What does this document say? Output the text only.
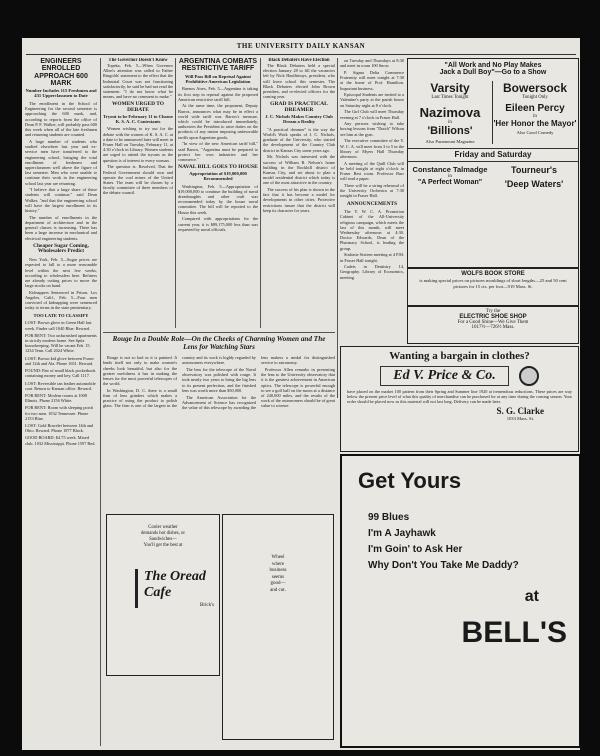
THE UNIVERSITY DAILY KANSAN
ENGINEERS ENROLLED APPROACH 600 MARK
Number Includes 115 Freshmen and 431 Upperclassmen to Date

The enrollment in the School of Engineering for the second semester is approaching the 600 mark, and, according to reports from the office of Dean P. F. Walker, will probably pass 600 this week when all of the late freshmen and returning students are counted.

A large number of students who studied elsewhere last year and ex-service men have transferred to the engineering school, bringing the total enrollment of freshmen and upperclassmen well above the figure of last semester. Men who were unable to continue their work in the engineering school last year are returning.

"I believe that a large share of these students will continue," said Dean Walker, "and that the engineering school will have the largest enrollment in its history."

The number of enrollments in the department of architecture and in the general classes is increasing. There has been a large increase in mechanical and electrical engineering students.

Cheaper Sugar Coming, Wholesalers Predict

New York, Feb. 5—Sugar prices are expected to fall to a more reasonable level within the next few weeks, according to wholesalers here. Refiners are already cutting prices to move the large stocks on hand.

Kidnappers Sentenced in Prison. Los Angeles, Calif., Feb. 5—Four men convicted of kidnapping were sentenced today to terms in the state penitentiary.

TOO LATE TO CLASSIFY

LOST: Brown glove in Green Hall last week. Finder call 1040 Blue. Reward.

FOR RENT: Two unfurnished apartments in strictly modern home. See Spitz housekeeping. Will be vacant Feb. 15. 1234 Tenn. Call 2024 White.

LOST: Brown kid glove between Fraser and 12th and Ala. Phone 1651. Reward.

FOUND: Pair of small black pocketbook containing money and key. Call 1117.

LOST: Reversible tan leather automobile coat. Return to Kansan office. Reward.

FOR RENT: Modern rooms at 1008 Illinois. Phone 2156 White.

FOR RENT: Room with sleeping porch for two men. 1032 Tennessee. Phone 2153 Blue.

LOST: Gold Bracelet between 14th and Ohio. Reward. Phone 1877 Black.

GOOD BOARD: $4.75 week. Mixed club. 1032 Mississippi. Phone 1597 Red.

The Governor Doesn't Know

Topeka, Feb. 5—When Governor Allen's attention was called to Father Ringolds' statement to the effect that the Industrial Court was not functioning satisfactorily, he said he had not read the statement. "I do not know what he means, and have no comment to make."

WOMEN URGED TO DEBATE
Tryout to be February 11 to Choose K. S. A. C. Contestants

Women wishing to try out for the debate with the women of K. S. A. C. at a date to be announced later will meet in Fraser Hall on Tuesday, February 11, at 4:30 o'clock in Library. Women students are urged to attend the tryouts as the question is of interest to every woman.

The question is: Resolved, That the Federal Government should own and operate the coal mines of the United States. The team will be chosen by a faculty committee of three members of the debate council.

ARGENTINA COMBATS RESTRICTIVE TARIFF
Will Pass Bill on Reprisal Against Prohibitive American Legislation

Buenos Aires, Feb. 5—Argentina is taking its first step in reprisal against the proposed American restrictive tariff bill.

At the same time, the proponent, Deputy Barros, announces what may be in effect a world wide tariff war. Barros's measure, which could be introduced immediately, authorizes the President to raise duties on the products of any nation imposing unfavorable tariffs upon Argentine goods.

"In view of the new American tariff bill," said Barros, "Argentina must be prepared to protect her own industries and her commerce."

NAVAL BILL GOES TO HOUSE
Appropriation of $19,000,000 Recommended

Washington, Feb. 5—Appropriation of $19,000,000 to continue the building of naval dreadnaughts and other craft was recommended today by the house naval committee. The bill will be reported to the House this week.

Compared with appropriations for the current year, it is $89,175,000 less than was requested by naval officials.

Black Debaters Have Election

The Black Debaters held a special election January 28 to fill the vacancies left by Nick Haulfiniuys, president, who will leave school this semester. The Black Debaters elected John Brown president, and re-elected officers for the coming year.

GRAD IS PRACTICAL DREAMER
J. C. Nichols Makes Country Club Dream a Reality

"A practical dreamer" is the way the World's Work speaks of J. C. Nichols, graduate of the University, who started the development of the Country Club district in Kansas City some years ago.

Mr. Nichols was interested with the success of William R. Nelson's home building in the Rockhill district of Kansas City, and set about to plan a model residential district which today is one of the most attractive in the country.

The success of his plan is shown in the fact that it has become a model for developments in other cities. Protective restrictions insure that the district will keep its character for years.

on Tuesday and Thursdays at 8:30 and meet in room 100 Snow.

P. Sigma Delta Commerce Fraternity will meet tonight at 7:30 at the home of Prof. Hamilton. Important business.

Episcopal Students are invited to a Valentine's party at the parish house on Saturday night at 8 o'clock.

The Girl Club will meet Thursday evening at 7 o'clock in Fraser Hall.

Any persons wishing to take boxing lessons from "Dutch" Wilson see him at the gym.

The executive committee of the Y. W. C. A. will meet from 3 to 5 in the library of Myers Hall Thursday afternoon.

A meeting of the Quill Club will be held tonight at eight o'clock in Fraser Rest room. Professor Burr will read a paper.

There will be a string rehearsal of the University Orchestra at 7:30 tonight in Fraser Hall.

ANNOUNCEMENTS

The Y. W. C. A. Promotion Cabinet of the All-University religious campaign, which meets the last of this month, will meet Wednesday afternoon at 4:30. Doctor Edwards, Dean of the Pharmacy School, is leading the group.

Sinfonie Sixteen meeting at 4 P.M. in Fraser Hall tonight.

Cadets in Dentistry 14, Geography. Library of Economics, meeting.

Rouge In a Double Role—On the Cheeks of Charming Women and The Lens for Watching Stars

Rouge is not so bad as it is painted. It lends itself not only to make women's cheeks look beautiful, but also for the greater usefulness it has in making the lenses for the most powerful telescopes of the world.

In Washington, D. C. there is a small firm of lens grinders which makes a practice of using the product to polish glass. The firm is one of the largest in the country and its work is highly regarded by astronomers everywhere.

The lens for the telescope of the Naval observatory was polished with rouge. It took nearly two years to bring the big lens to its present perfection, and the finished lens was worth more than $50,000.

The American Association for the Advancement of Science has recognized the value of this telescope by awarding the lens makers a medal for distinguished service to astronomy.

Professor Allen remarks in presenting the lens to the University observatory that it is the greatest achievement in American optics. The telescope is powerful enough to see a golf ball on the moon at a distance of 240,000 miles, and the results of the work of the astronomers should be of great value to science.

Cooler weather
demands hot dishes, or
Sandwiches—
You'll get the best at
The Oread Cafe
Brick's
Wheel
where
business
seems
good—
and cut.
"All Work and No Play Makes
Jack a Dull Boy"—Go to a Show
Varsity
Last Times Tonight
Nazimova
in
'Billions'
Also Paramount Magazine
Bowersock
Tonight Only
Eileen Percy
in
'Her Honor the Mayor'
Also Good Comedy
Friday and Saturday
Constance Talmadge
in
"A Perfect Woman"
Tourneur's
'Deep Waters'
WOLFS BOOK STORE
is making special prices on pictures mouldings of short lengths—25 and 50 cent pictures for 15 cts. per foot—919 Mass. St.
Try the
ELECTRIC SHOE SHOP
For a Good Shine—We Give Them
1017½—726½ Mass.
Wanting a bargain in clothes?
Ed V. Price & Co.
have placed on the market 100 pattern from their Spring and Summer line 1920 at tremendous reductions. These prices are way below the present price level of what this quality of merchandise can be purchased for at any time during the coming season. Your order should be placed now as this material will not last long. Delivery can be made later.
S. G. Clarke
1033 Mass. St.
Get Yours
99 Blues
I'm A Jayhawk
I'm Goin' to Ask Her
Why Don't You Take Me Daddy?
at
BELL'S
